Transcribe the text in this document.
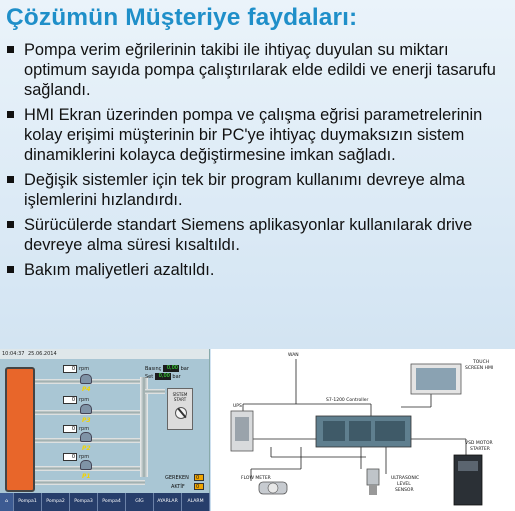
Çözümün Müşteriye faydaları:
Pompa verim eğrilerinin takibi ile ihtiyaç duyulan su miktarı optimum sayıda pompa çalıştırılarak elde edildi ve enerji tasarufu sağlandı.
HMI Ekran üzerinden pompa ve çalışma eğrisi parametrelerinin kolay erişimi müşterinin bir PC'ye ihtiyaç duymaksızın sistem dinamiklerini kolayca değiştirmesine imkan sağladı.
Değişik sistemler için tek bir program kullanımı devreye alma işlemlerini hızlandırdı.
Sürücülerde standart Siemens aplikasyonlar kullanılarak drive devreye alma süresi kısaltıldı.
Bakım maliyetleri azaltıldı.
10:04:37 25.06.2014
P4
P3
P2
P1
0 rpm
0 rpm
0 rpm
0 rpm
Basınç 0,00 bar
Set 0,00 bar
SİSTEM
START
GEREKEN 0
AKTİF 0
⌂	Pompa1	Pompa2	Pompa3	Pompa4	GİG	AYARLAR	ALARM
WAN
UPS
S7-1200 Controller
TOUCH
SCREEN HMI
VSD MOTOR
STARTER
FLOW METER	ULTRASONIC
LEVEL
SENSOR
